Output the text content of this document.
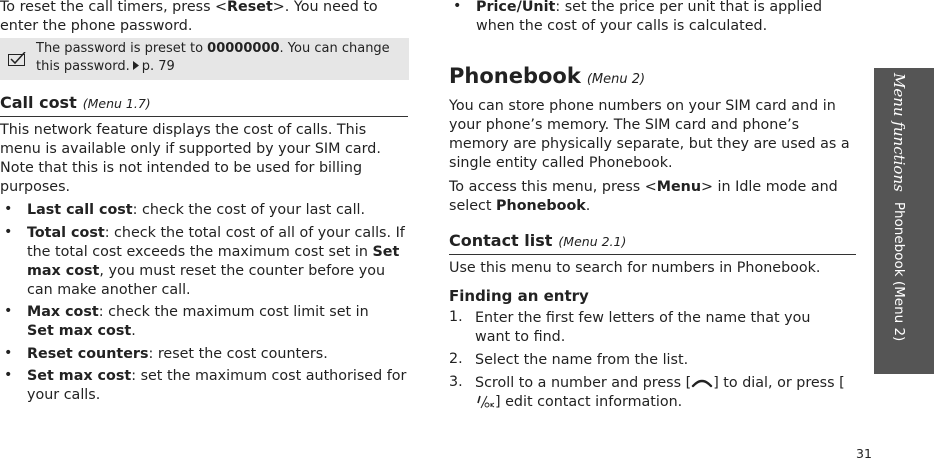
To reset the call timers, press <Reset>. You need to enter the phone password.

The password is preset to 00000000. You can change this password. p. 79
Call cost (Menu 1.7)

This network feature displays the cost of calls. This menu is available only if supported by your SIM card. Note that this is not intended to be used for billing purposes.

• Last call cost: check the cost of your last call.

• Total cost: check the total cost of all of your calls. If the total cost exceeds the maximum cost set in Set max cost, you must reset the counter before you can make another call.

• Max cost: check the maximum cost limit set in Set max cost.

• Reset counters: reset the cost counters.

• Set max cost: set the maximum cost authorised for your calls.

• Price/Unit: set the price per unit that is applied when the cost of your calls is calculated.

Phonebook (Menu 2)

You can store phone numbers on your SIM card and in your phone’s memory. The SIM card and phone’s memory are physically separate, but they are used as a single entity called Phonebook.

To access this menu, press <Menu> in Idle mode and select Phonebook.

Contact list (Menu 2.1)

Use this menu to search for numbers in Phonebook.

Finding an entry

1. Enter the first few letters of the name that you want to find.

2. Select the name from the list.

3. Scroll to a number and press [ ] to dial, or press [] edit contact information.

Menu functionsPhonebook (Menu 2)
31
